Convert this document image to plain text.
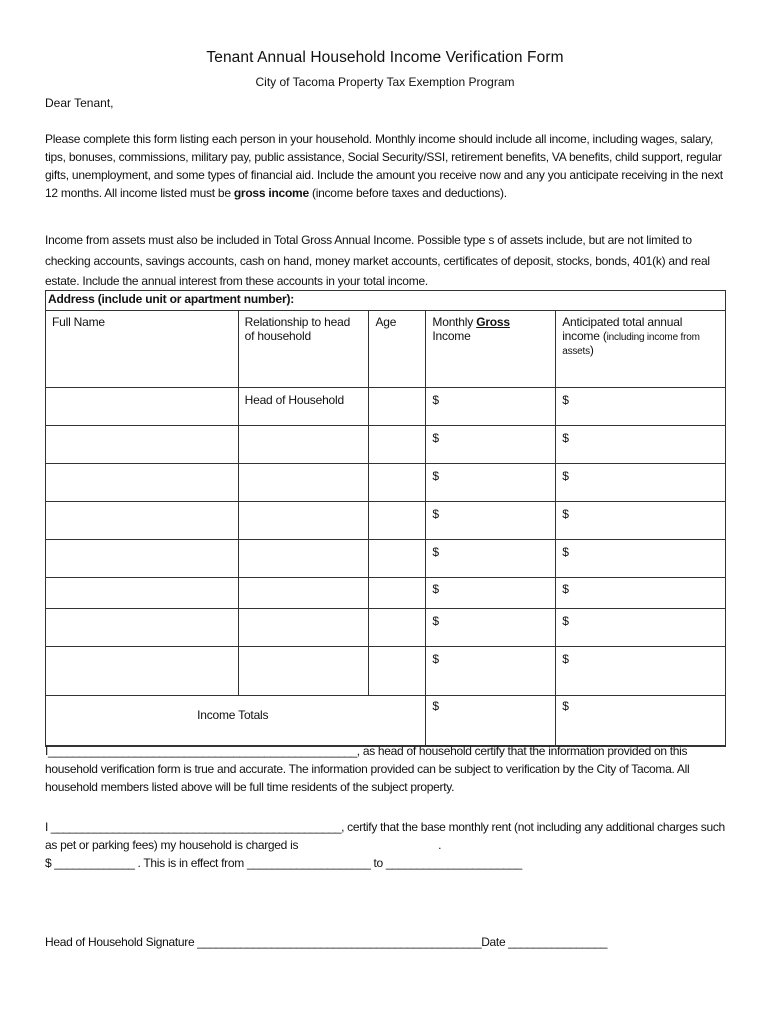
Tenant Annual Household Income Verification Form
City of Tacoma Property Tax Exemption Program
Dear Tenant,
Please complete this form listing each person in your household. Monthly income should include all income, including wages, salary, tips, bonuses, commissions, military pay, public assistance, Social Security/SSI, retirement benefits, VA benefits, child support, regular gifts, unemployment, and some types of financial aid. Include the amount you receive now and any you anticipate receiving in the next 12 months. All income listed must be gross income (income before taxes and deductions).
Income from assets must also be included in Total Gross Annual Income. Possible type s of assets include, but are not limited to checking accounts, savings accounts, cash on hand, money market accounts, certificates of deposit, stocks, bonds, 401(k) and real estate. Include the annual interest from these accounts in your total income.
Address (include unit or apartment number):				
Full Name	Relationship to head of household	Age	Monthly Gross Income	Anticipated total annual income (including income from assets)
	Head of Household		$	$
			$	$
			$	$
			$	$
			$	$
			$	$
			$	$
			$	$
Income Totals			$	$
I__________________________________________________, as head of household certify that the information provided on this household verification form is true and accurate. The information provided can be subject to verification by the City of Tacoma. All household members listed above will be full time residents of the subject property.
I _______________________________________________, certify that the base monthly rent (not including any additional charges such as pet or parking fees) my household is charged is	.
$ _____________ . This is in effect from ____________________ to ______________________
Head of Household Signature ______________________________________________Date ________________
